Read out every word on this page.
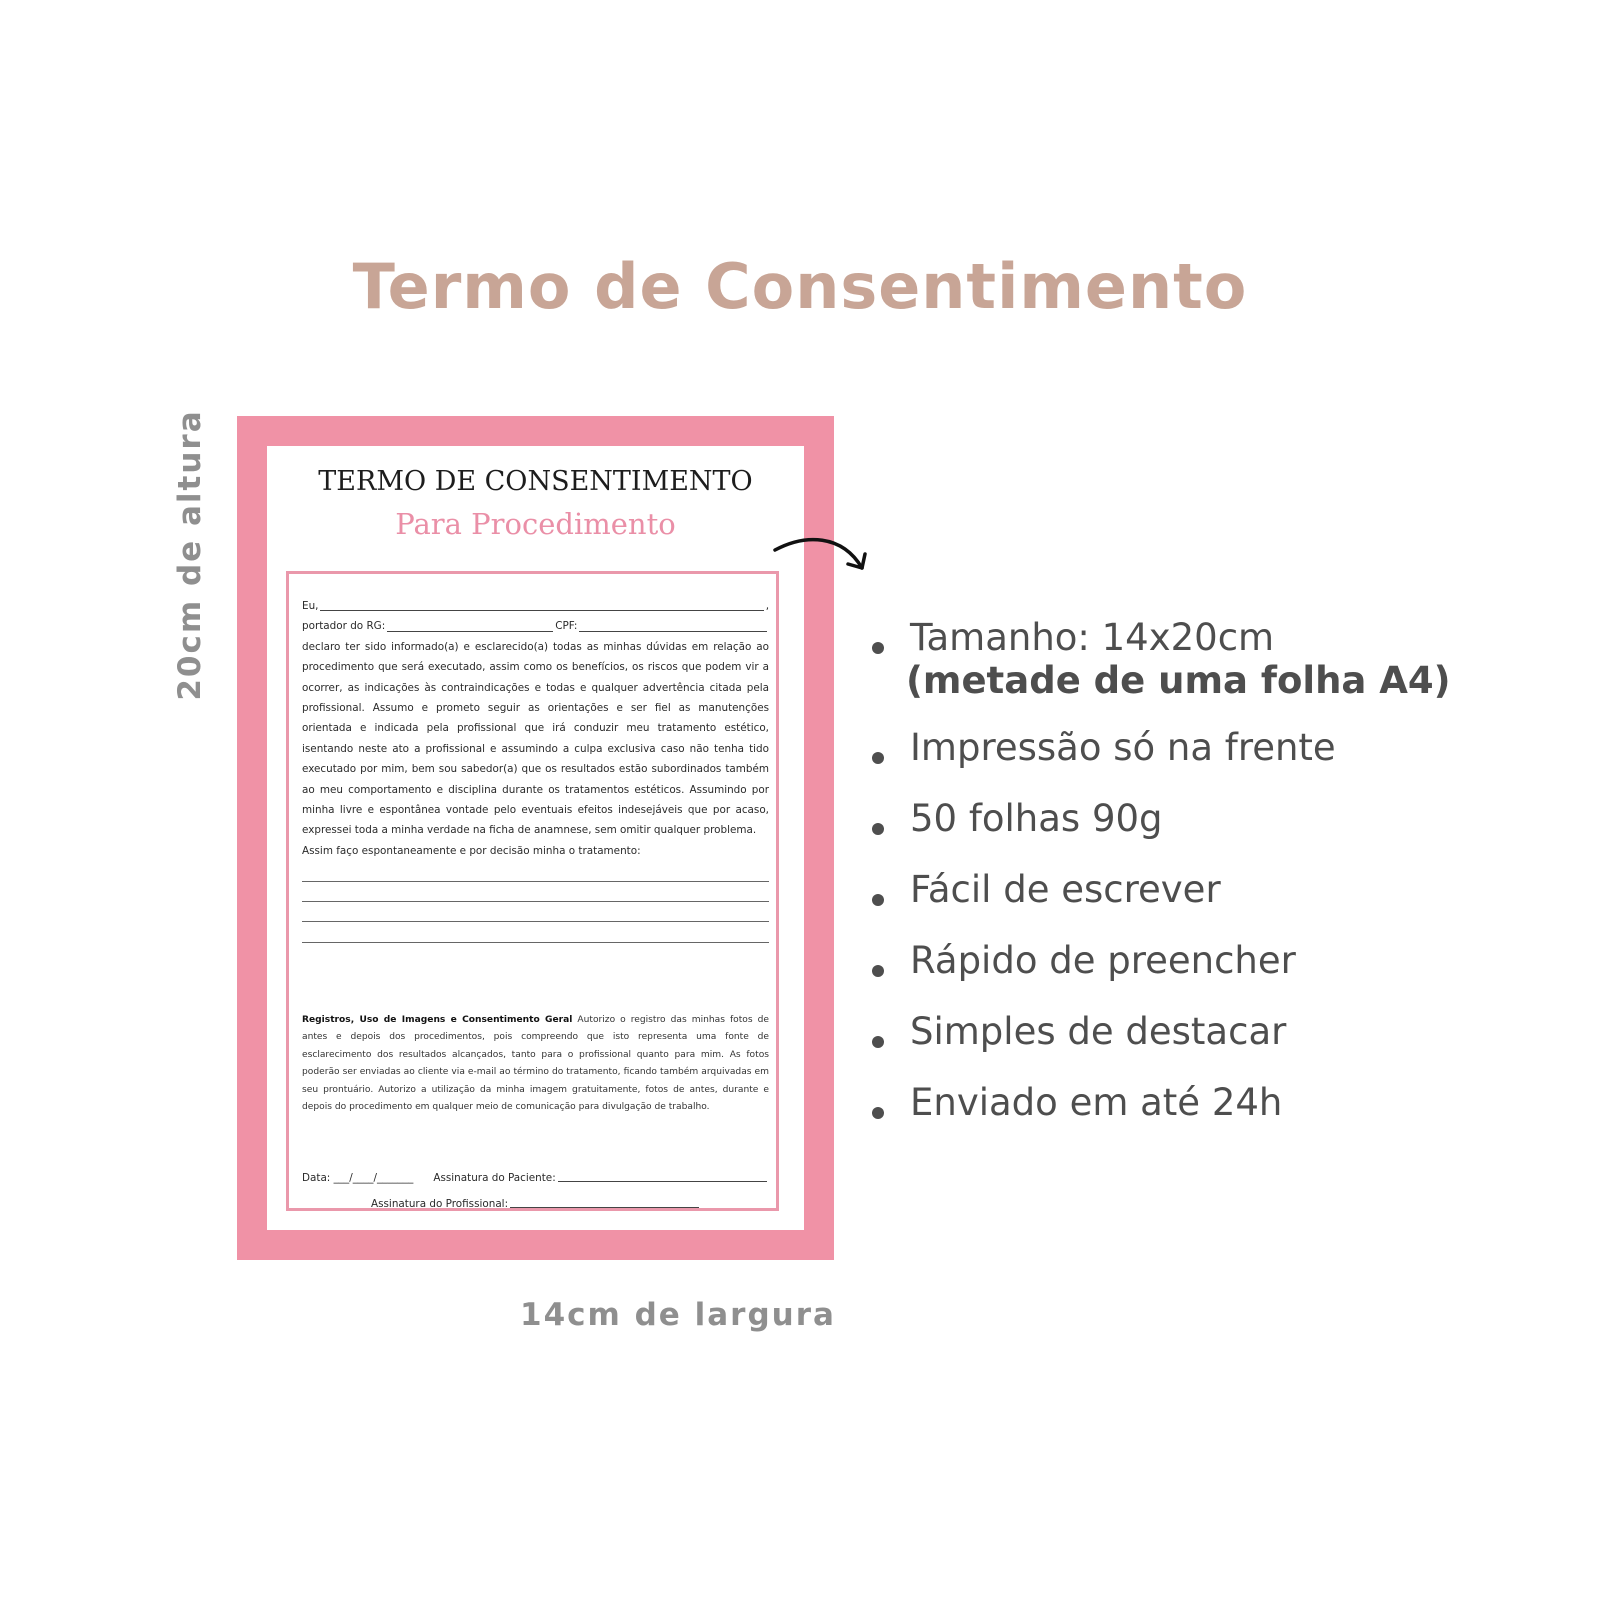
Termo de Consentimento
20cm de altura	TERMO DE CONSENTIMENTO
Para Procedimento
Eu,	,
portador do RG:	CPF:

declaro ter sido informado(a) e esclarecido(a) todas as minhas dúvidas em relação ao procedimento que será executado, assim como os benefícios, os riscos que podem vir a ocorrer, as indicações às contraindicações e todas e qualquer advertência citada pela profissional. Assumo e prometo seguir as orientações e ser fiel as manutenções orientada e indicada pela profissional que irá conduzir meu tratamento estético, isentando neste ato a profissional e assumindo a culpa exclusiva caso não tenha tido executado por mim, bem sou sabedor(a) que os resultados estão subordinados também ao meu comportamento e disciplina durante os tratamentos estéticos. Assumindo por minha livre e espontânea vontade pelo eventuais efeitos indesejáveis que por acaso, expressei toda a minha verdade na ficha de anamnese, sem omitir qualquer problema.

Assim faço espontaneamente e por decisão minha o tratamento:
Registros, Uso de Imagens e Consentimento Geral Autorizo o registro das minhas fotos de antes e depois dos procedimentos, pois compreendo que isto representa uma fonte de esclarecimento dos resultados alcançados, tanto para o profissional quanto para mim. As fotos poderão ser enviadas ao cliente via e-mail ao término do tratamento, ficando também arquivadas em seu prontuário. Autorizo a utilização da minha imagem gratuitamente, fotos de antes, durante e depois do procedimento em qualquer meio de comunicação para divulgação de trabalho.
Data: ___/____/_______ Assinatura do Paciente:
Assinatura do Profissional:
14cm de largura
Tamanho: 14x20cm
(metade de uma folha A4)
Impressão só na frente
50 folhas 90g
Fácil de escrever
Rápido de preencher
Simples de destacar
Enviado em até 24h
